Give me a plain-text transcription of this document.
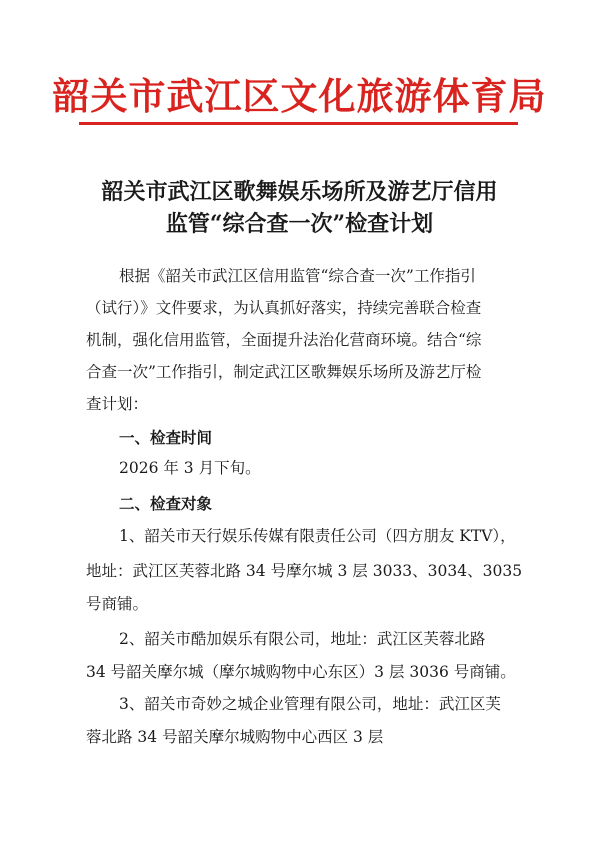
韶关市武江区文化旅游体育局
韶关市武江区歌舞娱乐场所及游艺厅信用
监管“综合查一次”检查计划
根据《韶关市武江区信用监管“综合查一次”工作指引
（试行）》文件要求，为认真抓好落实，持续完善联合检查
机制，强化信用监管，全面提升法治化营商环境。结合“综
合查一次”工作指引，制定武江区歌舞娱乐场所及游艺厅检
查计划：
一、检查时间
2026 年 3 月下旬。
二、检查对象
1、韶关市天行娱乐传媒有限责任公司（四方朋友 KTV），
地址：武江区芙蓉北路 34 号摩尔城 3 层 3033、3034、3035
号商铺。
2、韶关市酷加娱乐有限公司，地址：武江区芙蓉北路
34 号韶关摩尔城（摩尔城购物中心东区）3 层 3036 号商铺。
3、韶关市奇妙之城企业管理有限公司，地址：武江区芙
蓉北路 34 号韶关摩尔城购物中心西区 3 层
